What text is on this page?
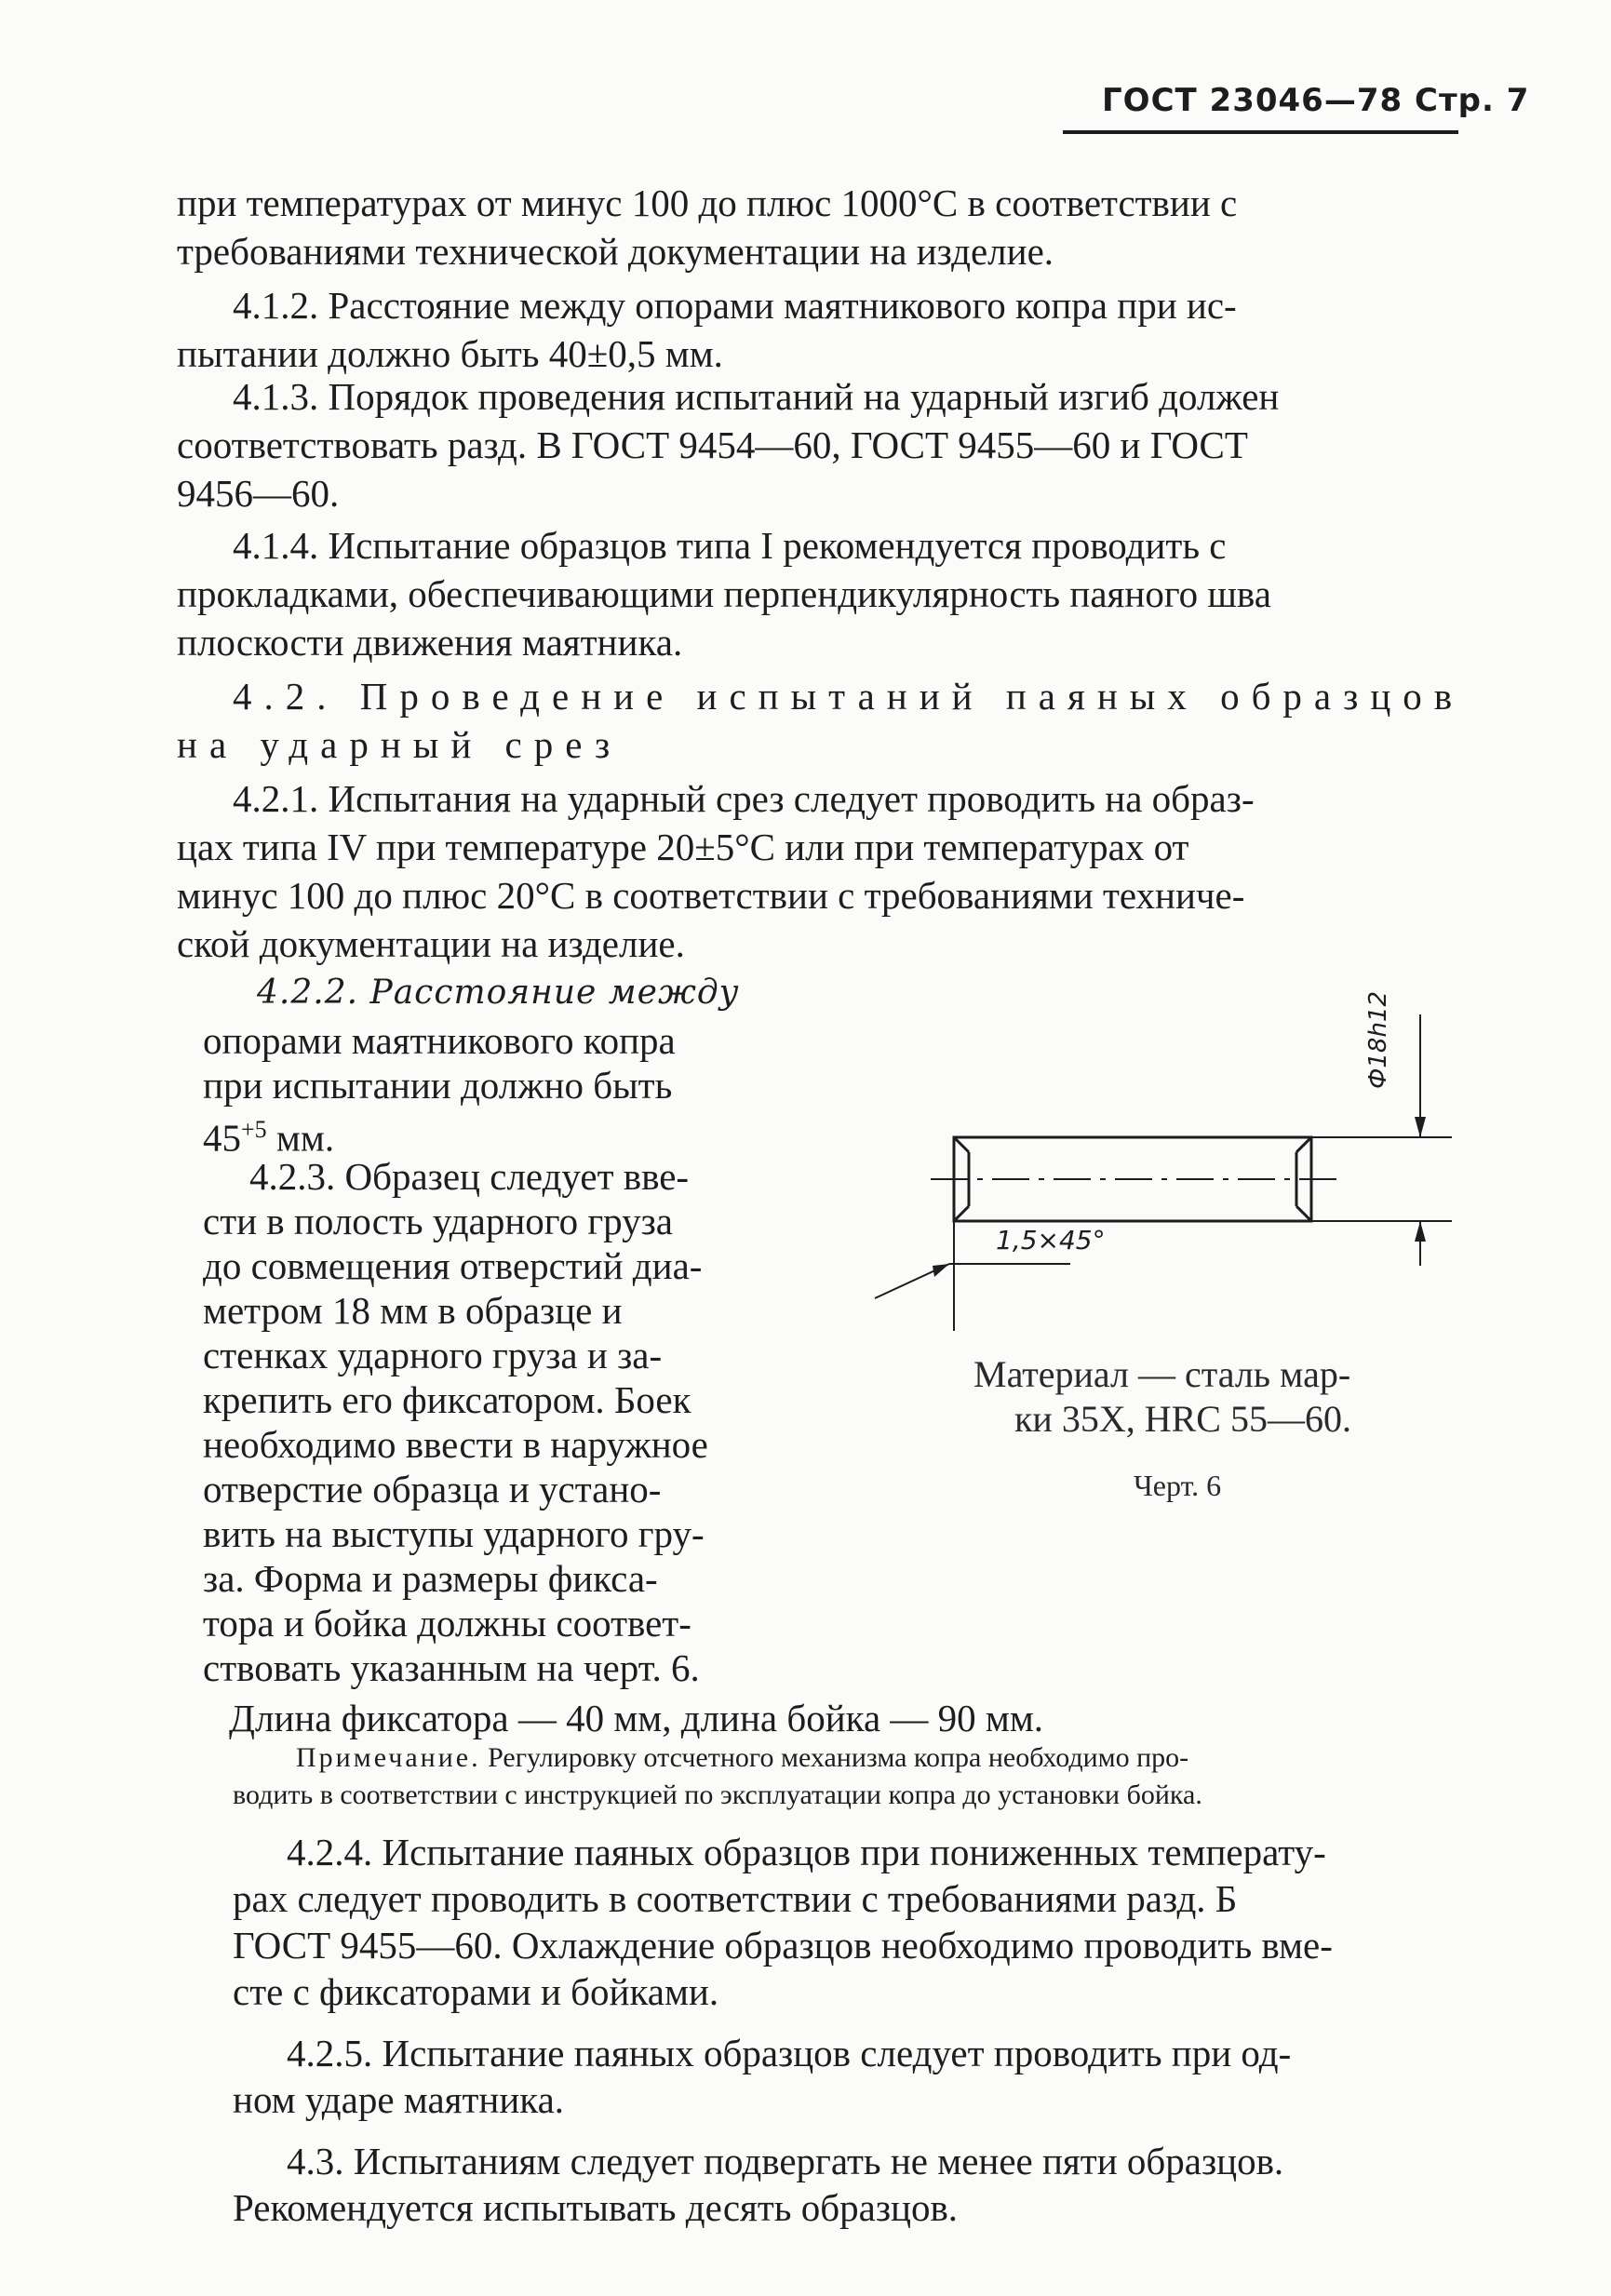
ГОСТ 23046—78 Стр. 7
при температурах от минус 100 до плюс 1000°С в соответствии с
требованиями технической документации на изделие.
4.1.2. Расстояние между опорами маятникового копра при ис-
пытании должно быть 40±0,5 мм.
4.1.3. Порядок проведения испытаний на ударный изгиб должен
соответствовать разд. В ГОСТ 9454—60, ГОСТ 9455—60 и ГОСТ
9456—60.
4.1.4. Испытание образцов типа I рекомендуется проводить с
прокладками, обеспечивающими перпендикулярность паяного шва
плоскости движения маятника.
4.2. Проведение испытаний паяных образцов
на ударный срез
4.2.1. Испытания на ударный срез следует проводить на образ-
цах типа IV при температуре 20±5°С или при температурах от
минус 100 до плюс 20°С в соответствии с требованиями техниче-
ской документации на изделие.
4.2.2. Расстояние между
опорами маятникового копра
при испытании должно быть
$45^{+5}$ мм.
4.2.3. Образец следует вве-
сти в полость ударного груза
до совмещения отверстий диа-
метром 18 мм в образце и
стенках ударного груза и за-
крепить его фиксатором. Боек
необходимо ввести в наружное
отверстие образца и устано-
вить на выступы ударного гру-
за. Форма и размеры фикса-
тора и бойка должны соответ-
ствовать указанным на черт. 6.
Длина фиксатора — 40 мм, длина бойка — 90 мм.
Ф18h12
1,5×45°
Материал — сталь мар-
ки 35Х, HRC 55—60.
Черт. 6
Примечание. Регулировку отсчетного механизма копра необходимо про-
водить в соответствии с инструкцией по эксплуатации копра до установки бойка.
4.2.4. Испытание паяных образцов при пониженных температу-
рах следует проводить в соответствии с требованиями разд. Б
ГОСТ 9455—60. Охлаждение образцов необходимо проводить вме-
сте с фиксаторами и бойками.
4.2.5. Испытание паяных образцов следует проводить при од-
ном ударе маятника.
4.3. Испытаниям следует подвергать не менее пяти образцов.
Рекомендуется испытывать десять образцов.
